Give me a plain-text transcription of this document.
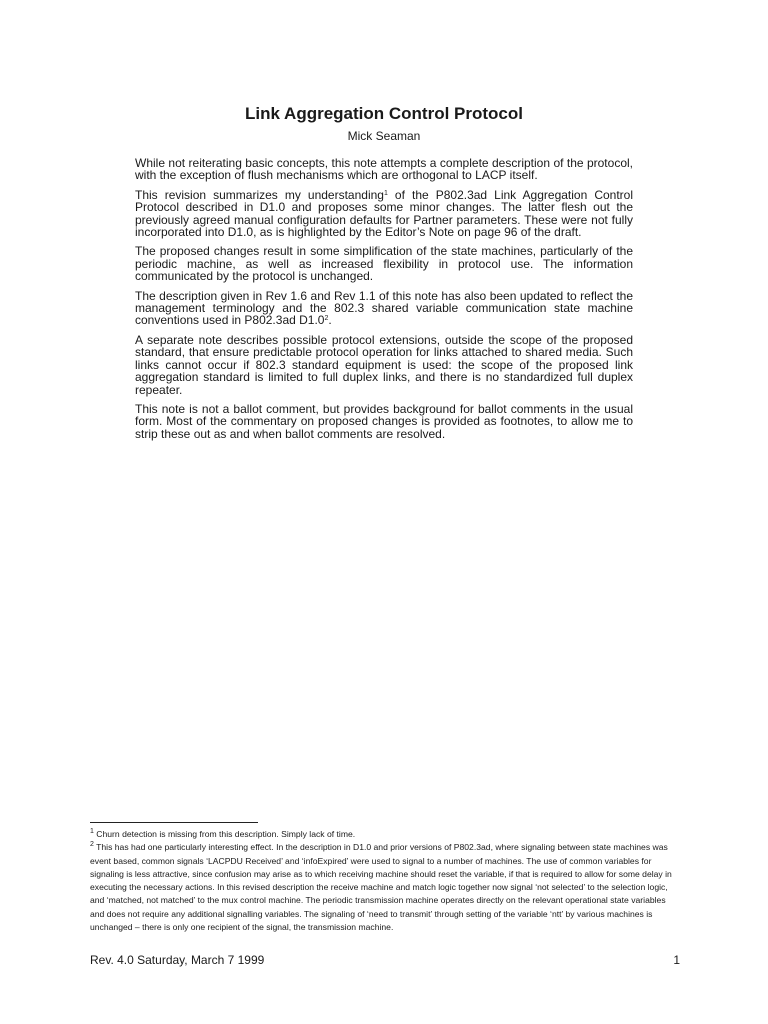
Link Aggregation Control Protocol
Mick Seaman

While not reiterating basic concepts, this note attempts a complete description of the protocol, with the exception of flush mechanisms which are orthogonal to LACP itself.

This revision summarizes my understanding$^1$ of the P802.3ad Link Aggregation Control Protocol described in D1.0 and proposes some minor changes. The latter flesh out the previously agreed manual configuration defaults for Partner parameters. These were not fully incorporated into D1.0, as is highlighted by the Editor’s Note on page 96 of the draft.

The proposed changes result in some simplification of the state machines, particularly of the periodic machine, as well as increased flexibility in protocol use. The information communicated by the protocol is unchanged.

The description given in Rev 1.6 and Rev 1.1 of this note has also been updated to reflect the management terminology and the 802.3 shared variable communication state machine conventions used in P802.3ad $D1.0^2$.

A separate note describes possible protocol extensions, outside the scope of the proposed standard, that ensure predictable protocol operation for links attached to shared media. Such links cannot occur if 802.3 standard equipment is used: the scope of the proposed link aggregation standard is limited to full duplex links, and there is no standardized full duplex repeater.

This note is not a ballot comment, but provides background for ballot comments in the usual form. Most of the commentary on proposed changes is provided as footnotes, to allow me to strip these out as and when ballot comments are resolved.

$^1$ Churn detection is missing from this description. Simply lack of time.

$^2$ This has had one particularly interesting effect. In the description in D1.0 and prior versions of P802.3ad, where signaling between state machines was event based, common signals ‘LACPDU Received’ and ‘infoExpired’ were used to signal to a number of machines. The use of common variables for signaling is less attractive, since confusion may arise as to which receiving machine should reset the variable, if that is required to allow for some delay in executing the necessary actions. In this revised description the receive machine and match logic together now signal ‘not selected’ to the selection logic, and ‘matched, not matched’ to the mux control machine. The periodic transmission machine operates directly on the relevant operational state variables and does not require any additional signalling variables. The signaling of ‘need to transmit’ through setting of the variable ‘ntt’ by various machines is unchanged – there is only one recipient of the signal, the transmission machine.

Rev. 4.0 Saturday, March 7 1999	1
